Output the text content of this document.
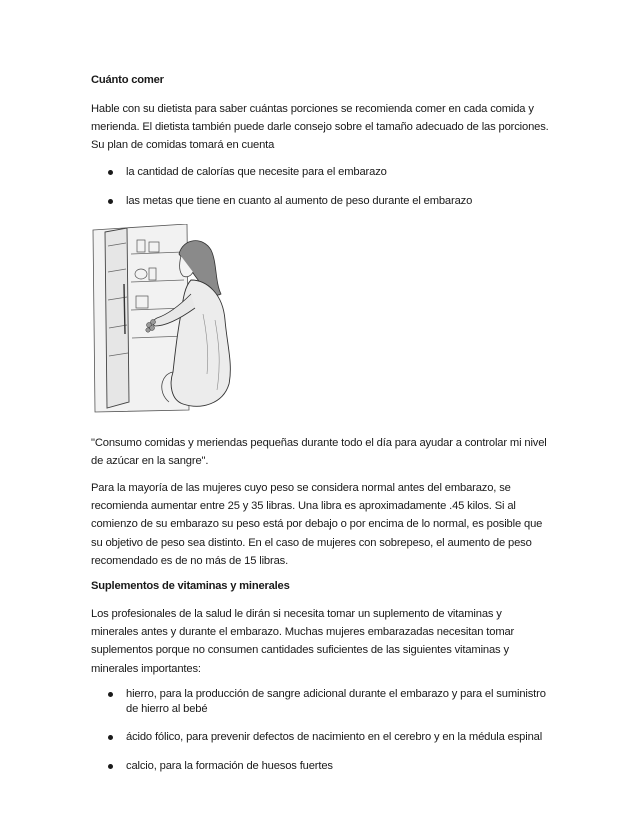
Cuánto comer

Hable con su dietista para saber cuántas porciones se recomienda comer en cada comida y merienda. El dietista también puede darle consejo sobre el tamaño adecuado de las porciones. Su plan de comidas tomará en cuenta

la cantidad de calorías que necesite para el embarazo
las metas que tiene en cuanto al aumento de peso durante el embarazo

"Consumo comidas y meriendas pequeñas durante todo el día para ayudar a controlar mi nivel de azúcar en la sangre".

Para la mayoría de las mujeres cuyo peso se considera normal antes del embarazo, se recomienda aumentar entre 25 y 35 libras. Una libra es aproximadamente .45 kilos. Si al comienzo de su embarazo su peso está por debajo o por encima de lo normal, es posible que su objetivo de peso sea distinto. En el caso de mujeres con sobrepeso, el aumento de peso recomendado es de no más de 15 libras.

Suplementos de vitaminas y minerales

Los profesionales de la salud le dirán si necesita tomar un suplemento de vitaminas y minerales antes y durante el embarazo. Muchas mujeres embarazadas necesitan tomar suplementos porque no consumen cantidades suficientes de las siguientes vitaminas y minerales importantes:

hierro, para la producción de sangre adicional durante el embarazo y para el suministro de hierro al bebé
ácido fólico, para prevenir defectos de nacimiento en el cerebro y en la médula espinal
calcio, para la formación de huesos fuertes
